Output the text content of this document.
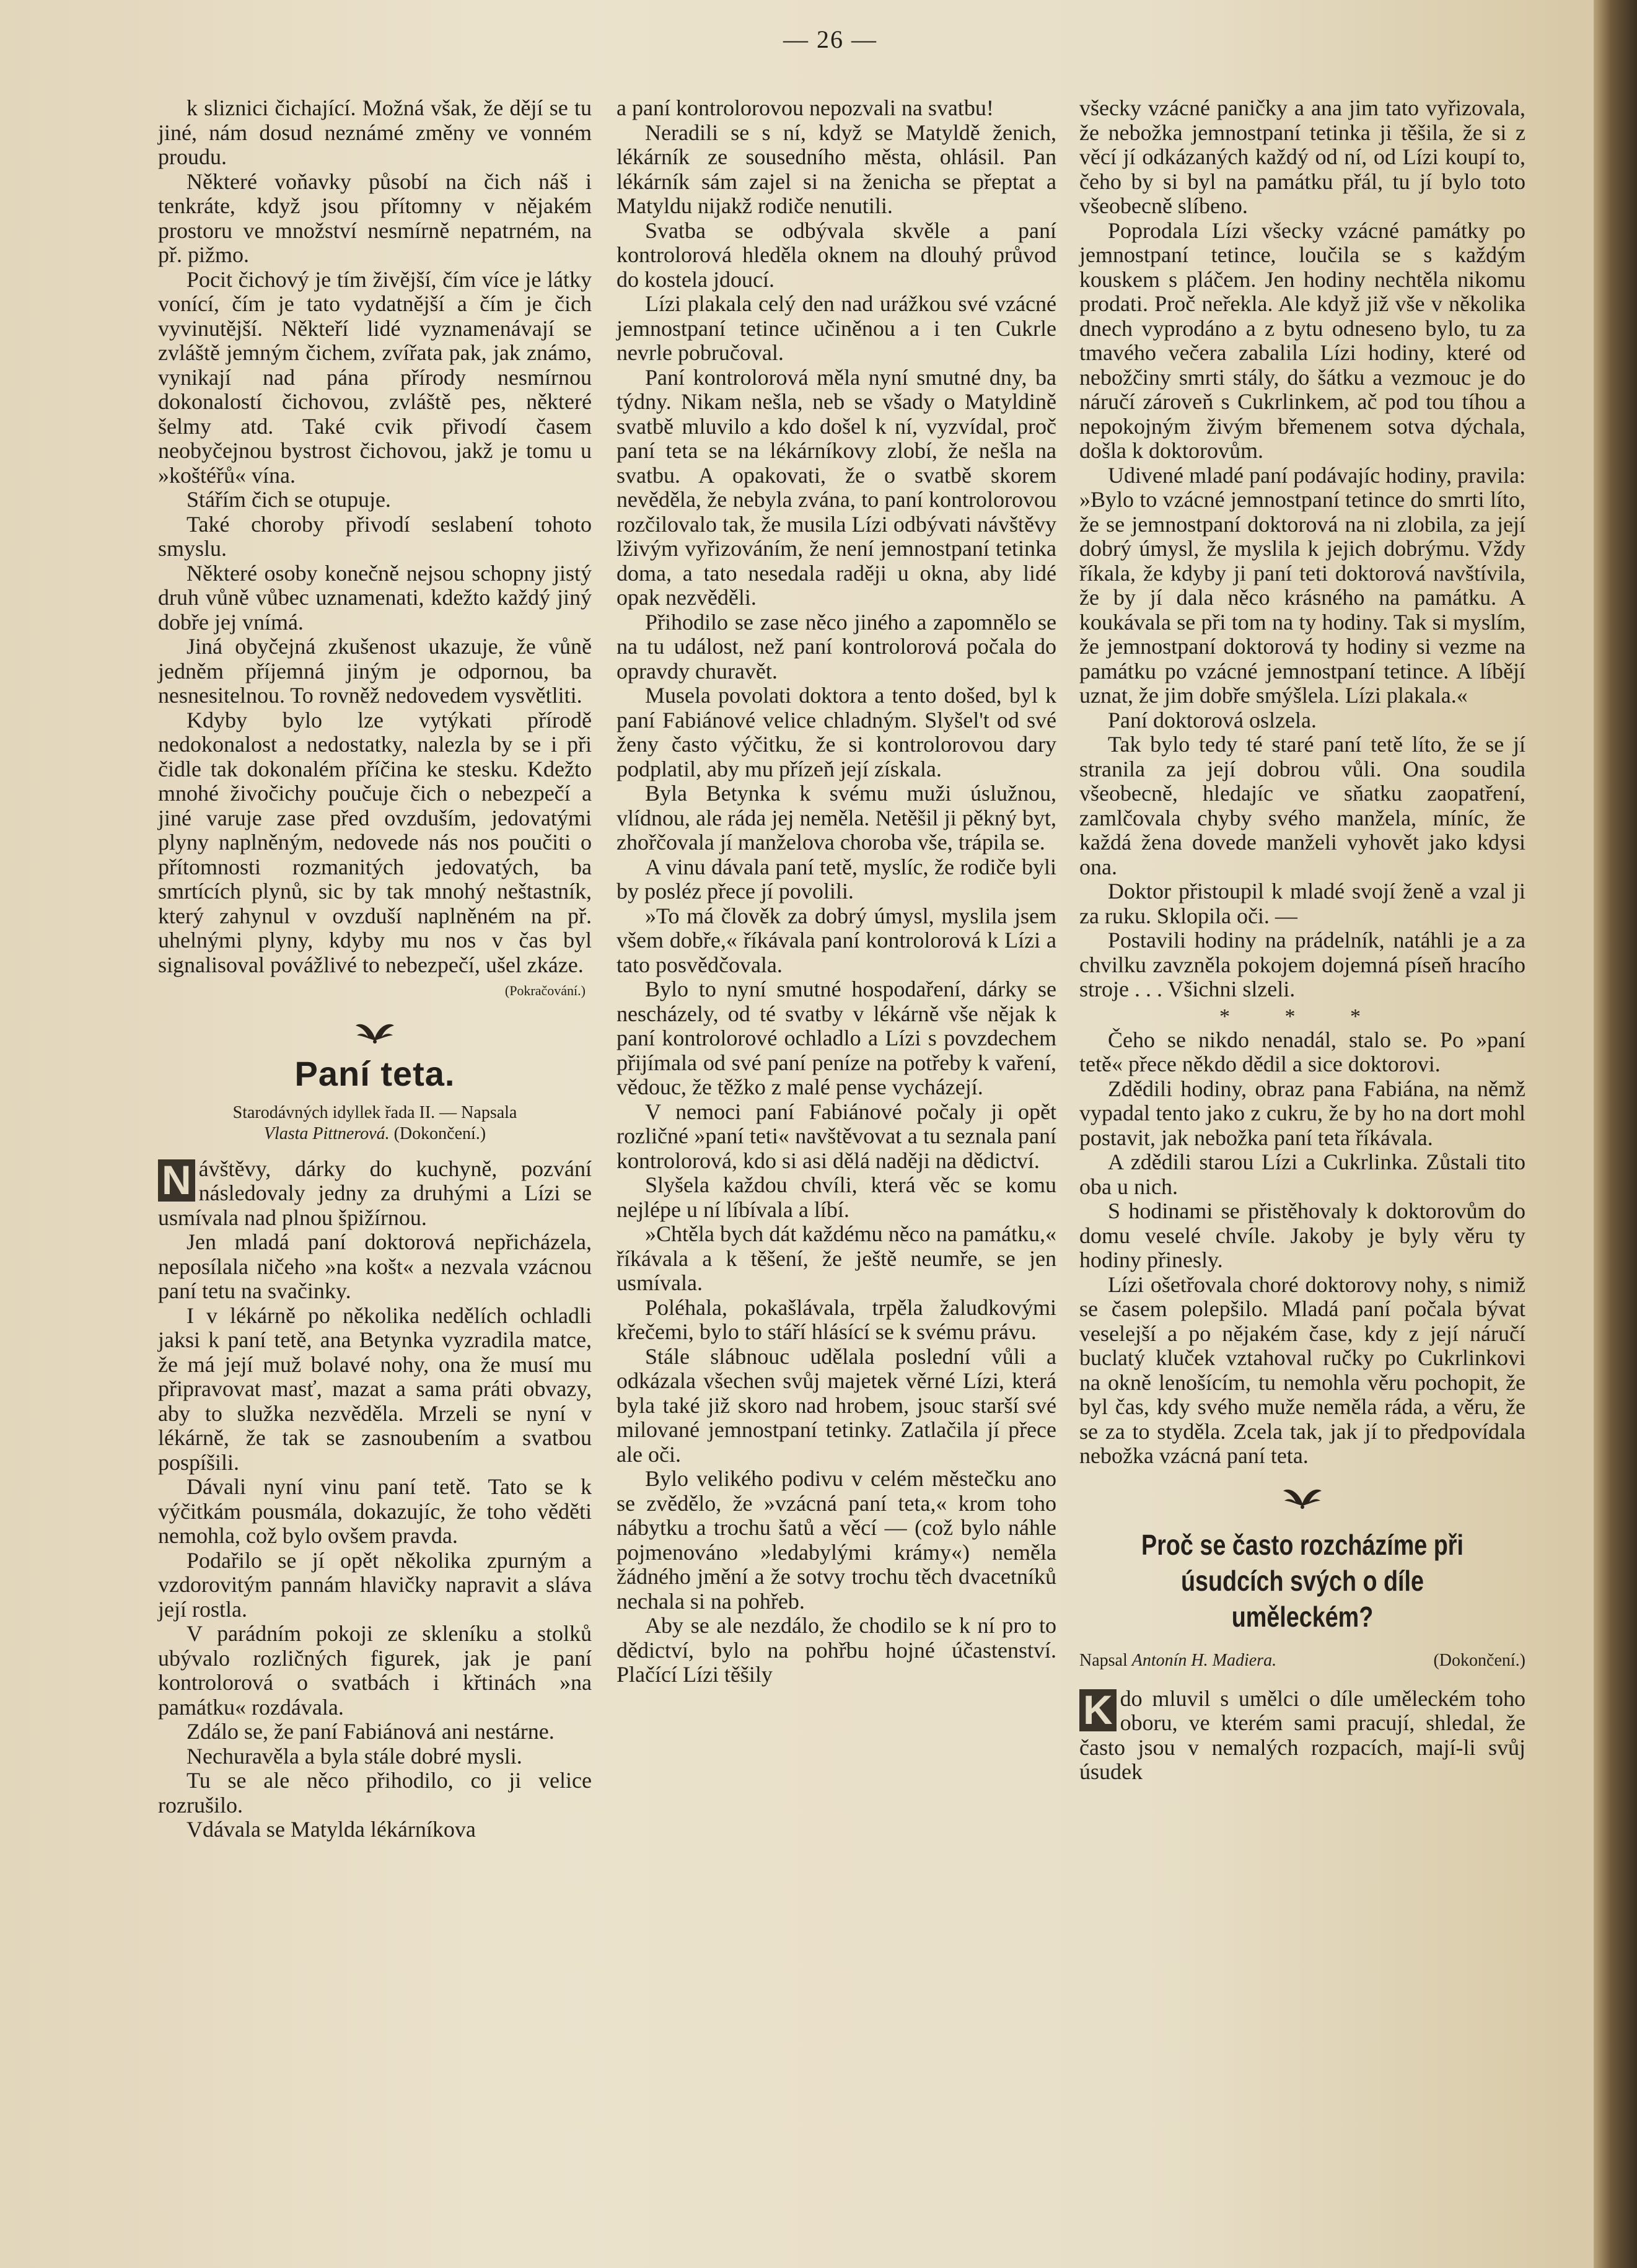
— 26 —

k sliznici čichající. Možná však, že dějí se tu jiné, nám dosud neznámé změny ve vonném proudu.

Některé voňavky působí na čich náš i tenkráte, když jsou přítomny v nějakém prostoru ve množství nesmírně nepatrném, na př. pižmo.

Pocit čichový je tím živější, čím více je látky vonící, čím je tato vydatnější a čím je čich vyvinutější. Někteří lidé vyznamenávají se zvláště jemným čichem, zvířata pak, jak známo, vynikají nad pána přírody nesmírnou dokonalostí čichovou, zvláště pes, některé šelmy atd. Také cvik přivodí časem neobyčejnou bystrost čichovou, jakž je tomu u »koštéřů« vína.

Stářím čich se otupuje.

Také choroby přivodí seslabení tohoto smyslu.

Některé osoby konečně nejsou schopny jistý druh vůně vůbec uznamenati, kdežto každý jiný dobře jej vnímá.

Jiná obyčejná zkušenost ukazuje, že vůně jedněm příjemná jiným je odpornou, ba nesnesitelnou. To rovněž nedovedem vysvětliti.

Kdyby bylo lze vytýkati přírodě nedokonalost a nedostatky, nalezla by se i při čidle tak dokonalém příčina ke stesku. Kdežto mnohé živočichy poučuje čich o nebezpečí a jiné varuje zase před ovzduším, jedovatými plyny naplněným, nedovede nás nos poučiti o přítomnosti rozmanitých jedovatých, ba smrtících plynů, sic by tak mnohý neštastník, který zahynul v ovzduší naplněném na př. uhelnými plyny, kdyby mu nos v čas byl signalisoval povážlivé to nebezpečí, ušel zkáze.

(Pokračování.)
Paní teta.
Starodávných idyllek řada II. — Napsala
Vlasta Pittnerová. (Dokončení.)

N ávštěvy, dárky do kuchyně, pozvání následovaly jedny za druhými a Lízi se usmívala nad plnou špižírnou.

Jen mladá paní doktorová nepřicházela, neposílala ničeho »na košt« a nezvala vzácnou paní tetu na svačinky.

I v lékárně po několika nedělích ochladli jaksi k paní tetě, ana Betynka vyzradila matce, že má její muž bolavé nohy, ona že musí mu připravovat masť, mazat a sama práti obvazy, aby to služka nezvěděla. Mrzeli se nyní v lékárně, že tak se zasnoubením a svatbou pospíšili.

Dávali nyní vinu paní tetě. Tato se k výčitkám pousmála, dokazujíc, že toho věděti nemohla, což bylo ovšem pravda.

Podařilo se jí opět několika zpurným a vzdorovitým pannám hlavičky napravit a sláva její rostla.

V parádním pokoji ze skleníku a stolků ubývalo rozličných figurek, jak je paní kontrolorová o svatbách i křtinách »na památku« rozdávala.

Zdálo se, že paní Fabiánová ani nestárne.

Nechuravěla a byla stále dobré mysli.

Tu se ale něco přihodilo, co ji velice rozrušilo.

Vdávala se Matylda lékárníkova

a paní kontrolorovou nepozvali na svatbu!

Neradili se s ní, když se Matyldě ženich, lékárník ze sousedního města, ohlásil. Pan lékárník sám zajel si na ženicha se přeptat a Matyldu nijakž rodiče nenutili.

Svatba se odbývala skvěle a paní kontrolorová hleděla oknem na dlouhý průvod do kostela jdoucí.

Lízi plakala celý den nad urážkou své vzácné jemnostpaní tetince učiněnou a i ten Cukrle nevrle pobručoval.

Paní kontrolorová měla nyní smutné dny, ba týdny. Nikam nešla, neb se všady o Matyldině svatbě mluvilo a kdo došel k ní, vyzvídal, proč paní teta se na lékárníkovy zlobí, že nešla na svatbu. A opakovati, že o svatbě skorem nevěděla, že nebyla zvána, to paní kontrolorovou rozčilovalo tak, že musila Lízi odbývati návštěvy lživým vyřizováním, že není jemnostpaní tetinka doma, a tato nesedala raději u okna, aby lidé opak nezvěděli.

Přihodilo se zase něco jiného a zapomnělo se na tu událost, než paní kontrolorová počala do opravdy churavět.

Musela povolati doktora a tento došed, byl k paní Fabiánové velice chladným. Slyšel't od své ženy často výčitku, že si kontrolorovou dary podplatil, aby mu přízeň její získala.

Byla Betynka k svému muži úslužnou, vlídnou, ale ráda jej neměla. Netěšil ji pěkný byt, zhořčovala jí manželova choroba vše, trápila se.

A vinu dávala paní tetě, myslíc, že rodiče byli by posléz přece jí povolili.

»To má člověk za dobrý úmysl, myslila jsem všem dobře,« říkávala paní kontrolorová k Lízi a tato posvědčovala.

Bylo to nyní smutné hospodaření, dárky se nescházely, od té svatby v lékárně vše nějak k paní kontrolorové ochladlo a Lízi s povzdechem přijímala od své paní peníze na potřeby k vaření, vědouc, že těžko z malé pense vycházejí.

V nemoci paní Fabiánové počaly ji opět rozličné »paní teti« navštěvovat a tu seznala paní kontrolorová, kdo si asi dělá naději na dědictví.

Slyšela každou chvíli, která věc se komu nejlépe u ní líbívala a líbí.

»Chtěla bych dát každému něco na památku,« říkávala a k těšení, že ještě neumře, se jen usmívala.

Poléhala, pokašlávala, trpěla žaludkovými křečemi, bylo to stáří hlásící se k svému právu.

Stále slábnouc udělala poslední vůli a odkázala všechen svůj majetek věrné Lízi, která byla také již skoro nad hrobem, jsouc starší své milované jemnostpaní tetinky. Zatlačila jí přece ale oči.

Bylo velikého podivu v celém městečku ano se zvědělo, že »vzácná paní teta,« krom toho nábytku a trochu šatů a věcí — (což bylo náhle pojmenováno »ledabylými krámy«) neměla žádného jmění a že sotvy trochu těch dvacetníků nechala si na pohřeb.

Aby se ale nezdálo, že chodilo se k ní pro to dědictví, bylo na pohřbu hojné účastenství. Plačící Lízi těšily

všecky vzácné paničky a ana jim tato vyřizovala, že nebožka jemnostpaní tetinka ji těšila, že si z věcí jí odkázaných každý od ní, od Lízi koupí to, čeho by si byl na památku přál, tu jí bylo toto všeobecně slíbeno.

Poprodala Lízi všecky vzácné památky po jemnostpaní tetince, loučila se s každým kouskem s pláčem. Jen hodiny nechtěla nikomu prodati. Proč neřekla. Ale když již vše v několika dnech vyprodáno a z bytu odneseno bylo, tu za tmavého večera zabalila Lízi hodiny, které od nebožčiny smrti stály, do šátku a vezmouc je do náručí zároveň s Cukrlinkem, ač pod tou tíhou a nepokojným živým břemenem sotva dýchala, došla k doktorovům.

Udivené mladé paní podávajíc hodiny, pravila: »Bylo to vzácné jemnostpaní tetince do smrti líto, že se jemnostpaní doktorová na ni zlobila, za její dobrý úmysl, že myslila k jejich dobrýmu. Vždy říkala, že kdyby ji paní teti doktorová navštívila, že by jí dala něco krásného na památku. A koukávala se při tom na ty hodiny. Tak si myslím, že jemnostpaní doktorová ty hodiny si vezme na památku po vzácné jemnostpaní tetince. A líbějí uznat, že jim dobře smýšlela. Lízi plakala.«

Paní doktorová oslzela.

Tak bylo tedy té staré paní tetě líto, že se jí stranila za její dobrou vůli. Ona soudila všeobecně, hledajíc ve sňatku zaopatření, zamlčovala chyby svého manžela, míníc, že každá žena dovede manželi vyhovět jako kdysi ona.

Doktor přistoupil k mladé svojí ženě a vzal ji za ruku. Sklopila oči. —

Postavili hodiny na prádelník, natáhli je a za chvilku zavzněla pokojem dojemná píseň hracího stroje . . . Všichni slzeli.

* * *

Čeho se nikdo nenadál, stalo se. Po »paní tetě« přece někdo dědil a sice doktorovi.

Zdědili hodiny, obraz pana Fabiána, na němž vypadal tento jako z cukru, že by ho na dort mohl postavit, jak nebožka paní teta říkávala.

A zdědili starou Lízi a Cukrlinka. Zůstali tito oba u nich.

S hodinami se přistěhovaly k doktorovům do domu veselé chvíle. Jakoby je byly věru ty hodiny přinesly.

Lízi ošetřovala choré doktorovy nohy, s nimiž se časem polepšilo. Mladá paní počala bývat veselejší a po nějakém čase, kdy z její náručí buclatý kluček vztahoval ručky po Cukrlinkovi na okně lenošícím, tu nemohla věru pochopit, že byl čas, kdy svého muže neměla ráda, a věru, že se za to styděla. Zcela tak, jak jí to předpovídala nebožka vzácná paní teta.

Proč se často rozcházíme při úsudcích svých o díle uměleckém?
Napsal Antonín H. Madiera.	(Dokončení.)

K do mluvil s umělci o díle uměleckém toho oboru, ve kterém sami pracují, shledal, že často jsou v nemalých rozpacích, mají-li svůj úsudek
